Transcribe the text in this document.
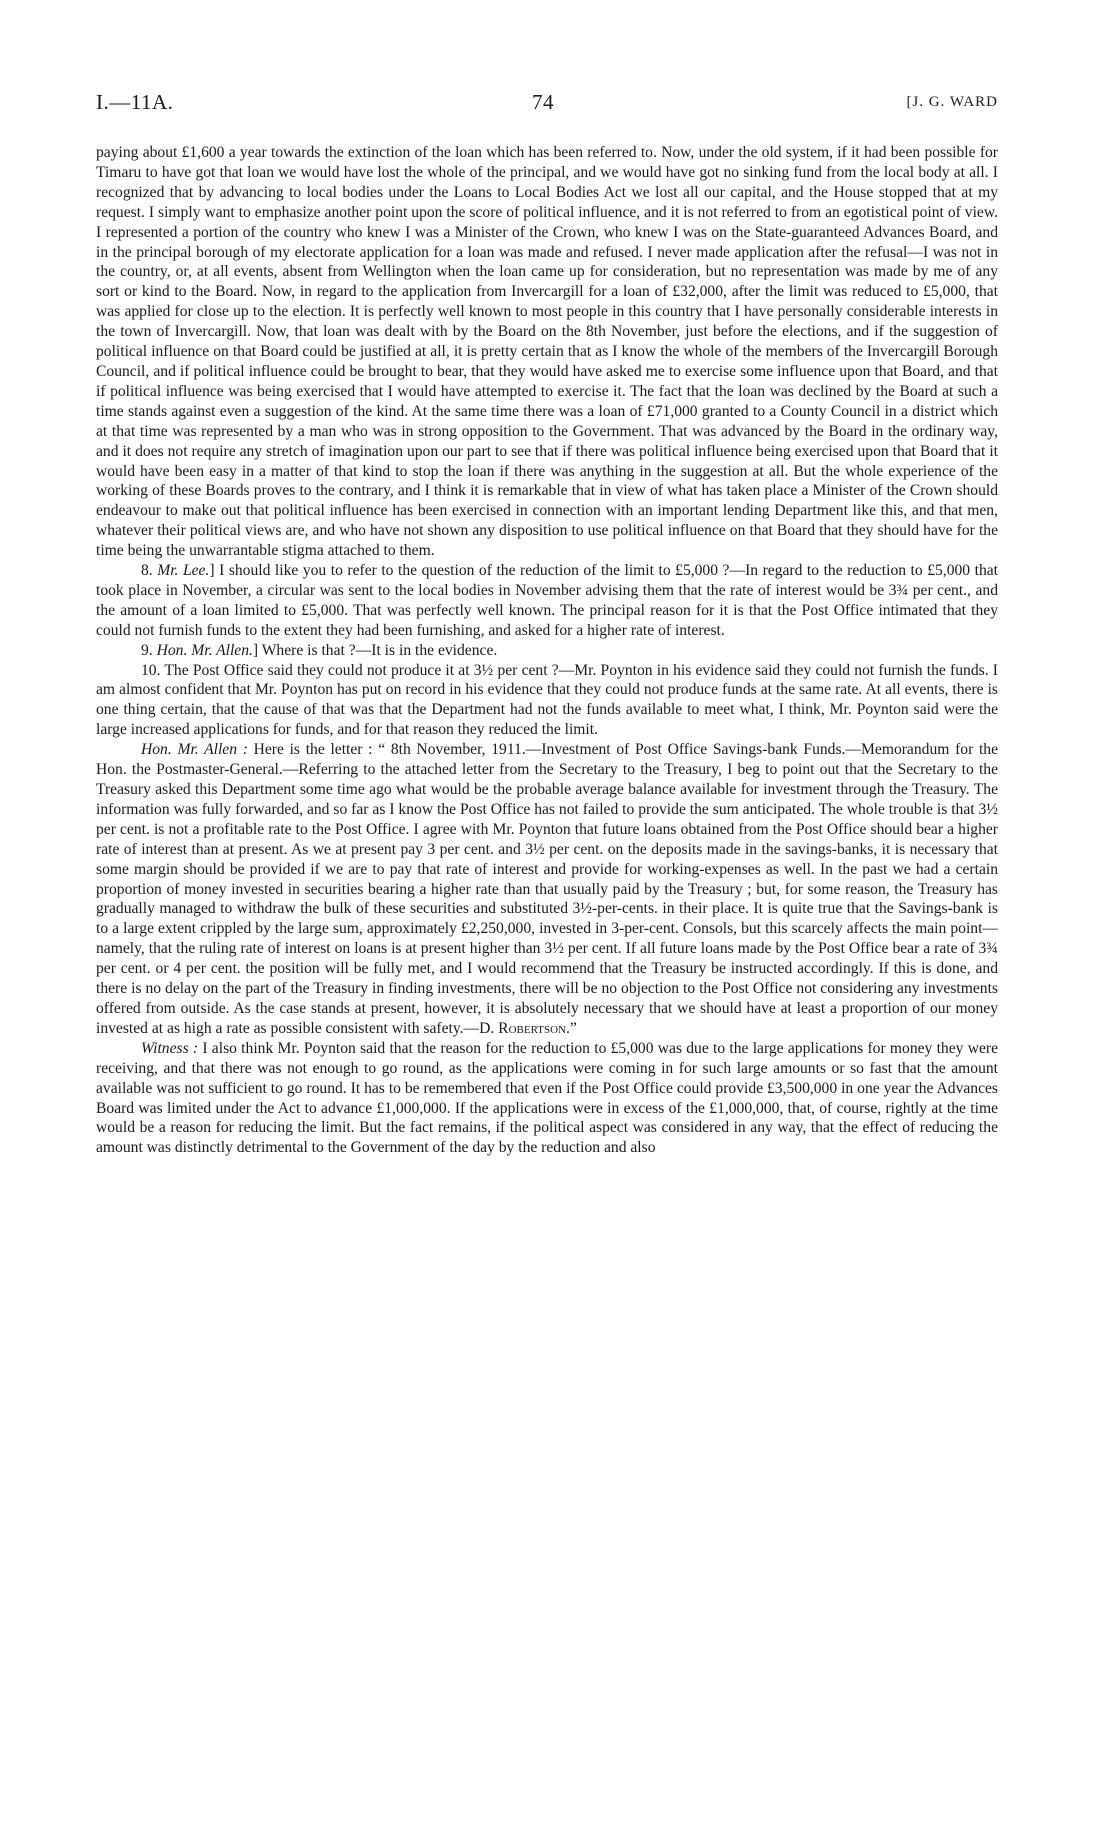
I.—11A.	74	[J. G. WARD

paying about £1,600 a year towards the extinction of the loan which has been referred to. Now, under the old system, if it had been possible for Timaru to have got that loan we would have lost the whole of the principal, and we would have got no sinking fund from the local body at all. I recognized that by advancing to local bodies under the Loans to Local Bodies Act we lost all our capital, and the House stopped that at my request. I simply want to emphasize another point upon the score of political influence, and it is not referred to from an egotistical point of view. I represented a portion of the country who knew I was a Minister of the Crown, who knew I was on the State-guaranteed Advances Board, and in the principal borough of my electorate application for a loan was made and refused. I never made application after the refusal—I was not in the country, or, at all events, absent from Wellington when the loan came up for consideration, but no representation was made by me of any sort or kind to the Board. Now, in regard to the application from Invercargill for a loan of £32,000, after the limit was reduced to £5,000, that was applied for close up to the election. It is perfectly well known to most people in this country that I have personally considerable interests in the town of Invercargill. Now, that loan was dealt with by the Board on the 8th November, just before the elections, and if the suggestion of political influence on that Board could be justified at all, it is pretty certain that as I know the whole of the members of the Invercargill Borough Council, and if political influence could be brought to bear, that they would have asked me to exercise some influence upon that Board, and that if political influence was being exercised that I would have attempted to exercise it. The fact that the loan was declined by the Board at such a time stands against even a suggestion of the kind. At the same time there was a loan of £71,000 granted to a County Council in a district which at that time was represented by a man who was in strong opposition to the Government. That was advanced by the Board in the ordinary way, and it does not require any stretch of imagination upon our part to see that if there was political influence being exercised upon that Board that it would have been easy in a matter of that kind to stop the loan if there was anything in the suggestion at all. But the whole experience of the working of these Boards proves to the contrary, and I think it is remarkable that in view of what has taken place a Minister of the Crown should endeavour to make out that political influence has been exercised in connection with an important lending Department like this, and that men, whatever their political views are, and who have not shown any disposition to use political influence on that Board that they should have for the time being the unwarrantable stigma attached to them.

8. Mr. Lee.] I should like you to refer to the question of the reduction of the limit to £5,000 ?—In regard to the reduction to £5,000 that took place in November, a circular was sent to the local bodies in November advising them that the rate of interest would be 3¾ per cent., and the amount of a loan limited to £5,000. That was perfectly well known. The principal reason for it is that the Post Office intimated that they could not furnish funds to the extent they had been furnishing, and asked for a higher rate of interest.

9. Hon. Mr. Allen.] Where is that ?—It is in the evidence.

10. The Post Office said they could not produce it at 3½ per cent ?—Mr. Poynton in his evidence said they could not furnish the funds. I am almost confident that Mr. Poynton has put on record in his evidence that they could not produce funds at the same rate. At all events, there is one thing certain, that the cause of that was that the Department had not the funds available to meet what, I think, Mr. Poynton said were the large increased applications for funds, and for that reason they reduced the limit.

Hon. Mr. Allen : Here is the letter : “ 8th November, 1911.—Investment of Post Office Savings-bank Funds.—Memorandum for the Hon. the Postmaster-General.—Referring to the attached letter from the Secretary to the Treasury, I beg to point out that the Secretary to the Treasury asked this Department some time ago what would be the probable average balance available for investment through the Treasury. The information was fully forwarded, and so far as I know the Post Office has not failed to provide the sum anticipated. The whole trouble is that 3½ per cent. is not a profitable rate to the Post Office. I agree with Mr. Poynton that future loans obtained from the Post Office should bear a higher rate of interest than at present. As we at present pay 3 per cent. and 3½ per cent. on the deposits made in the savings-banks, it is necessary that some margin should be provided if we are to pay that rate of interest and provide for working-expenses as well. In the past we had a certain proportion of money invested in securities bearing a higher rate than that usually paid by the Treasury ; but, for some reason, the Treasury has gradually managed to withdraw the bulk of these securities and substituted 3½-per-cents. in their place. It is quite true that the Savings-bank is to a large extent crippled by the large sum, approximately £2,250,000, invested in 3-per-cent. Consols, but this scarcely affects the main point—namely, that the ruling rate of interest on loans is at present higher than 3½ per cent. If all future loans made by the Post Office bear a rate of 3¾ per cent. or 4 per cent. the position will be fully met, and I would recommend that the Treasury be instructed accordingly. If this is done, and there is no delay on the part of the Treasury in finding investments, there will be no objection to the Post Office not considering any investments offered from outside. As the case stands at present, however, it is absolutely necessary that we should have at least a proportion of our money invested at as high a rate as possible consistent with safety.—D. Robertson.”

Witness : I also think Mr. Poynton said that the reason for the reduction to £5,000 was due to the large applications for money they were receiving, and that there was not enough to go round, as the applications were coming in for such large amounts or so fast that the amount available was not sufficient to go round. It has to be remembered that even if the Post Office could provide £3,500,000 in one year the Advances Board was limited under the Act to advance £1,000,000. If the applications were in excess of the £1,000,000, that, of course, rightly at the time would be a reason for reducing the limit. But the fact remains, if the political aspect was considered in any way, that the effect of reducing the amount was distinctly detrimental to the Government of the day by the reduction and also
